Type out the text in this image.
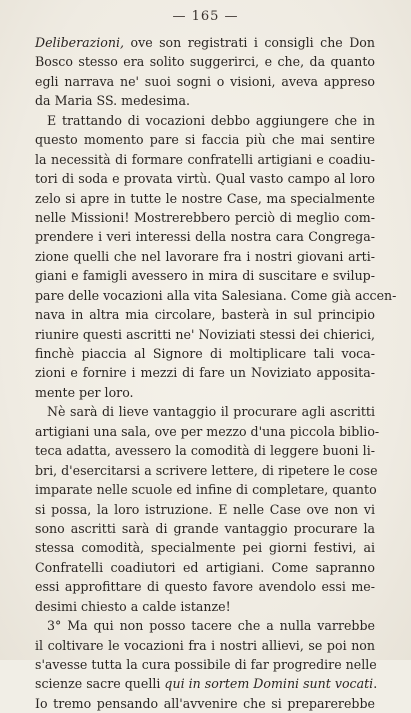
— 165 —
Deliberazioni, ove son registrati i consigli che Don
Bosco stesso era solito suggerirci, e che, da quanto
egli narrava ne' suoi sogni o visioni, aveva appreso
da Maria SS. medesima.
E trattando di vocazioni debbo aggiungere che in
questo momento pare si faccia più che mai sentire
la necessità di formare confratelli artigiani e coadiu-
tori di soda e provata virtù. Qual vasto campo al loro
zelo si apre in tutte le nostre Case, ma specialmente
nelle Missioni! Mostrerebbero perciò di meglio com-
prendere i veri interessi della nostra cara Congrega-
zione quelli che nel lavorare fra i nostri giovani arti-
giani e famigli avessero in mira di suscitare e svilup-
pare delle vocazioni alla vita Salesiana. Come già accen-
nava in altra mia circolare, basterà in sul principio
riunire questi ascritti ne' Noviziati stessi dei chierici,
finchè piaccia al Signore di moltiplicare tali voca-
zioni e fornire i mezzi di fare un Noviziato apposita-
mente per loro.
Nè sarà di lieve vantaggio il procurare agli ascritti
artigiani una sala, ove per mezzo d'una piccola biblio-
teca adatta, avessero la comodità di leggere buoni li-
bri, d'esercitarsi a scrivere lettere, di ripetere le cose
imparate nelle scuole ed infine di completare, quanto
si possa, la loro istruzione. E nelle Case ove non vi
sono ascritti sarà di grande vantaggio procurare la
stessa comodità, specialmente pei giorni festivi, ai
Confratelli coadiutori ed artigiani. Come sapranno
essi approfittare di questo favore avendolo essi me-
desimi chiesto a calde istanze!
3° Ma qui non posso tacere che a nulla varrebbe
il coltivare le vocazioni fra i nostri allievi, se poi non
s'avesse tutta la cura possibile di far progredire nelle
scienze sacre quelli qui in sortem Domini sunt vocati.
Io tremo pensando all'avvenire che si preparerebbe
